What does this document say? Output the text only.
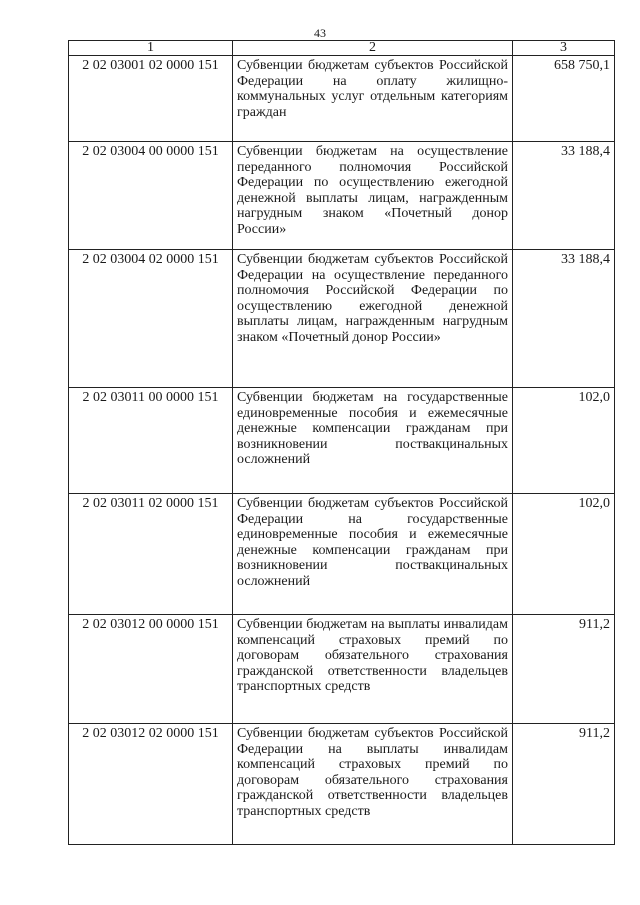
43
1	2	3
2 02 03001 02 0000 151	Субвенции бюджетам субъектов Российской Федерации на оплату жилищно-коммунальных услуг отдельным категориям граждан	658 750,1
2 02 03004 00 0000 151	Субвенции бюджетам на осуществление переданного полномочия Российской Федерации по осуществлению ежегодной денежной выплаты лицам, награжденным нагрудным знаком «Почетный донор России»	33 188,4
2 02 03004 02 0000 151	Субвенции бюджетам субъектов Российской Федерации на осуществление переданного полномочия Российской Федерации по осуществлению ежегодной денежной выплаты лицам, награжденным нагрудным знаком «Почетный донор России»	33 188,4
2 02 03011 00 0000 151	Субвенции бюджетам на государственные единовременные пособия и ежемесячные денежные компенсации гражданам при возникновении поствакцинальных осложнений	102,0
2 02 03011 02 0000 151	Субвенции бюджетам субъектов Российской Федерации на государственные единовременные пособия и ежемесячные денежные компенсации гражданам при возникновении поствакцинальных осложнений	102,0
2 02 03012 00 0000 151	Субвенции бюджетам на выплаты инвалидам компенсаций страховых премий по договорам обязательного страхования гражданской ответственности владельцев транспортных средств	911,2
2 02 03012 02 0000 151	Субвенции бюджетам субъектов Российской Федерации на выплаты инвалидам компенсаций страховых премий по договорам обязательного страхования гражданской ответственности владельцев транспортных средств	911,2
